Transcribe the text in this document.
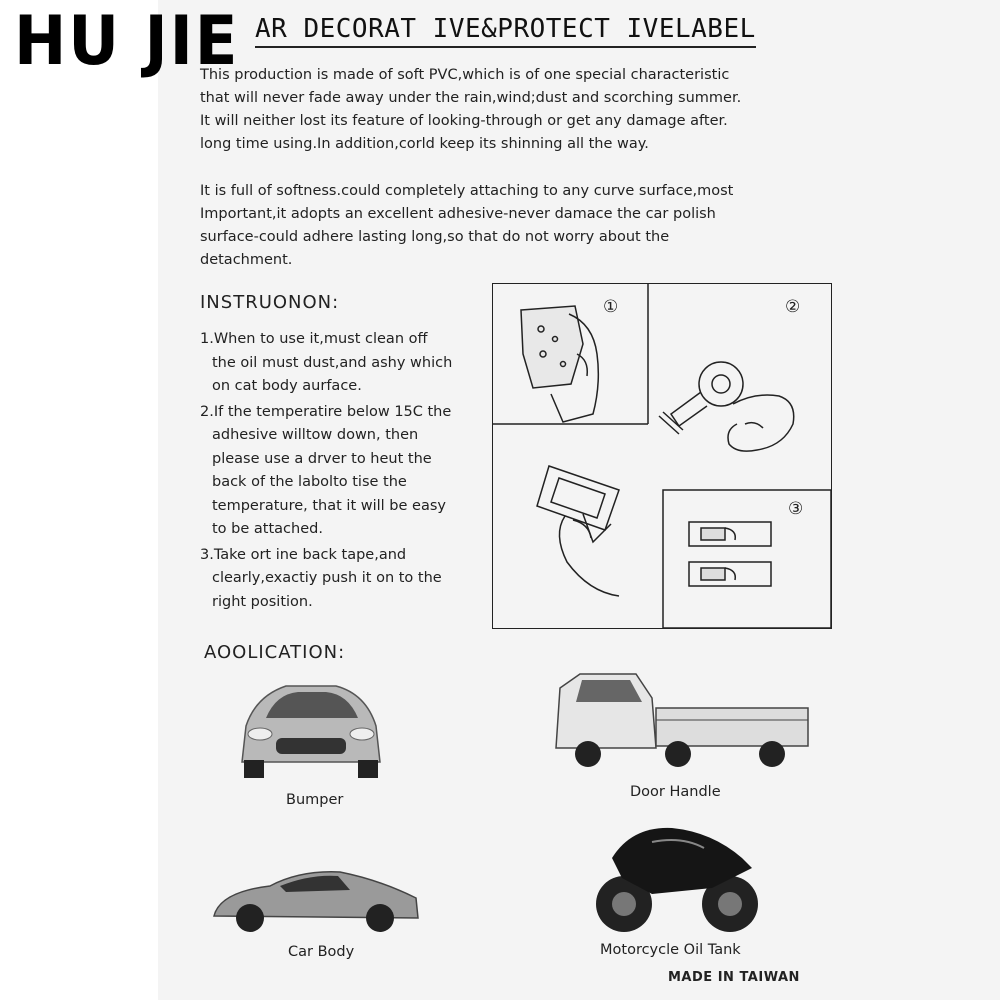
HU JIE AR DECORAT IVE&PROTECT IVELABEL

This production is made of soft PVC,which is of one special characteristic
that will never fade away under the rain,wind;dust and scorching summer.
It will neither lost its feature of looking-through or get any damage after.
long time using.In addition,corld keep its shinning all the way.

It is full of softness.could completely attaching to any curve surface,most
Important,it adopts an excellent adhesive-never damace the car polish
surface-could adhere lasting long,so that do not worry about the
detachment.

INSTRUONON:

1.When to use it,must clean off
the oil must dust,and ashy which
on cat body aurface.

2.If the temperatire below 15C the
adhesive willtow down, then
please use a drver to heut the
back of the labolto tise the
temperature, that it will be easy
to be attached.

3.Take ort ine back tape,and
clearly,exactiy push it on to the
right position.

①	②
③
AOOLICATION:
Bumper	Door Handle
Car Body	Motorcycle Oil Tank
MADE IN TAIWAN
